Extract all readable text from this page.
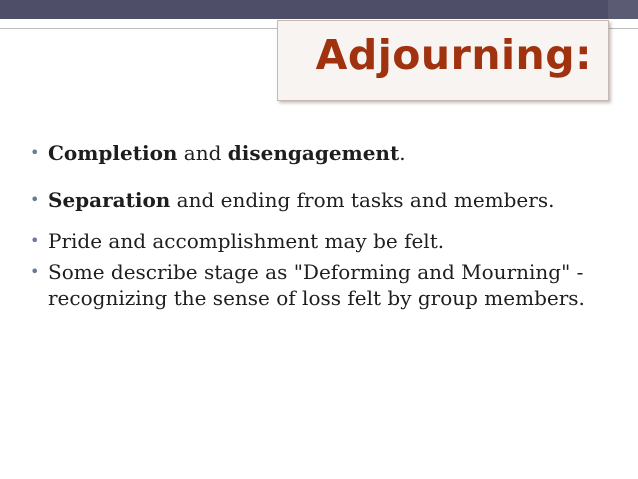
Adjourning:
• Completion and disengagement.
• Separation and ending from tasks and members.
• Pride and accomplishment may be felt.
• Some describe stage as "Deforming and Mourning" - recognizing the sense of loss felt by group members.
